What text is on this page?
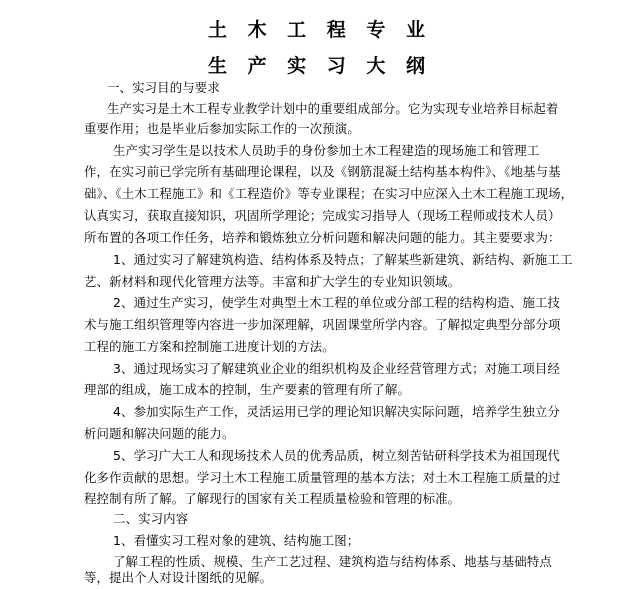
土 木 工 程 专 业
生 产 实 习 大 纲
一、实习目的与要求
生产实习是土木工程专业教学计划中的重要组成部分。它为实现专业培养目标起着
重要作用；也是毕业后参加实际工作的一次预演。
生产实习学生是以技术人员助手的身份参加土木工程建造的现场施工和管理工
作，在实习前已学完所有基础理论课程，以及《钢筋混凝土结构基本构件》、《地基与基
础》、《土木工程施工》和《工程造价》等专业课程；在实习中应深入土木工程施工现场，
认真实习，获取直接知识，巩固所学理论；完成实习指导人（现场工程师或技术人员）
所布置的各项工作任务，培养和锻炼独立分析问题和解决问题的能力。其主要要求为：
1、通过实习了解建筑构造、结构体系及特点；了解某些新建筑、新结构、新施工工
艺、新材料和现代化管理方法等。丰富和扩大学生的专业知识领域。
2、通过生产实习，使学生对典型土木工程的单位或分部工程的结构构造、施工技
术与施工组织管理等内容进一步加深理解，巩固课堂所学内容。了解拟定典型分部分项
工程的施工方案和控制施工进度计划的方法。
3、通过现场实习了解建筑业企业的组织机构及企业经营管理方式；对施工项目经
理部的组成，施工成本的控制，生产要素的管理有所了解。
4、参加实际生产工作，灵活运用已学的理论知识解决实际问题，培养学生独立分
析问题和解决问题的能力。
5、学习广大工人和现场技术人员的优秀品质，树立刻苦钻研科学技术为祖国现代
化多作贡献的思想。学习土木工程施工质量管理的基本方法；对土木工程施工质量的过
程控制有所了解。了解现行的国家有关工程质量检验和管理的标准。
二、实习内容
1、看懂实习工程对象的建筑、结构施工图；
了解工程的性质、规模、生产工艺过程、建筑构造与结构体系、地基与基础特点
等，提出个人对设计图纸的见解。
